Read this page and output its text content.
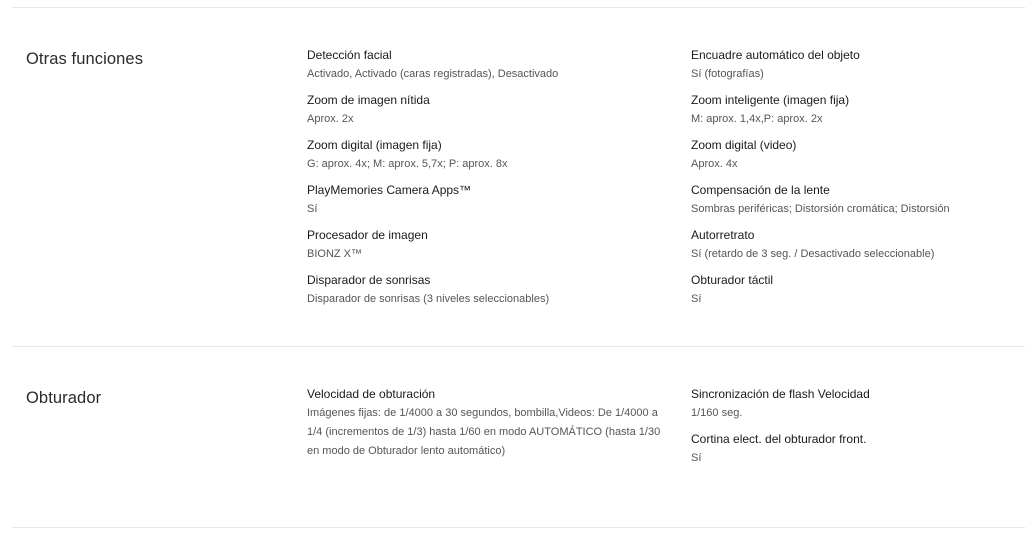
Otras funciones	Detección facial

Activado, Activado (caras registradas), Desactivado

Zoom de imagen nítida

Aprox. 2x

Zoom digital (imagen fija)

G: aprox. 4x; M: aprox. 5,7x; P: aprox. 8x

PlayMemories Camera Apps™

Sí

Procesador de imagen

BIONZ X™

Disparador de sonrisas

Disparador de sonrisas (3 niveles seleccionables)

Encuadre automático del objeto

Sí (fotografías)

Zoom inteligente (imagen fija)

M: aprox. 1,4x,P: aprox. 2x

Zoom digital (video)

Aprox. 4x

Compensación de la lente

Sombras periféricas; Distorsión cromática; Distorsión

Autorretrato

Sí (retardo de 3 seg. / Desactivado seleccionable)

Obturador táctil

Sí

Obturador	Velocidad de obturación

Imágenes fijas: de 1/4000 a 30 segundos, bombilla,Videos: De 1/4000 a 1/4 (incrementos de 1/3) hasta 1/60 en modo AUTOMÁTICO (hasta 1/30 en modo de Obturador lento automático)

Sincronización de flash Velocidad

1/160 seg.

Cortina elect. del obturador front.

Sí
